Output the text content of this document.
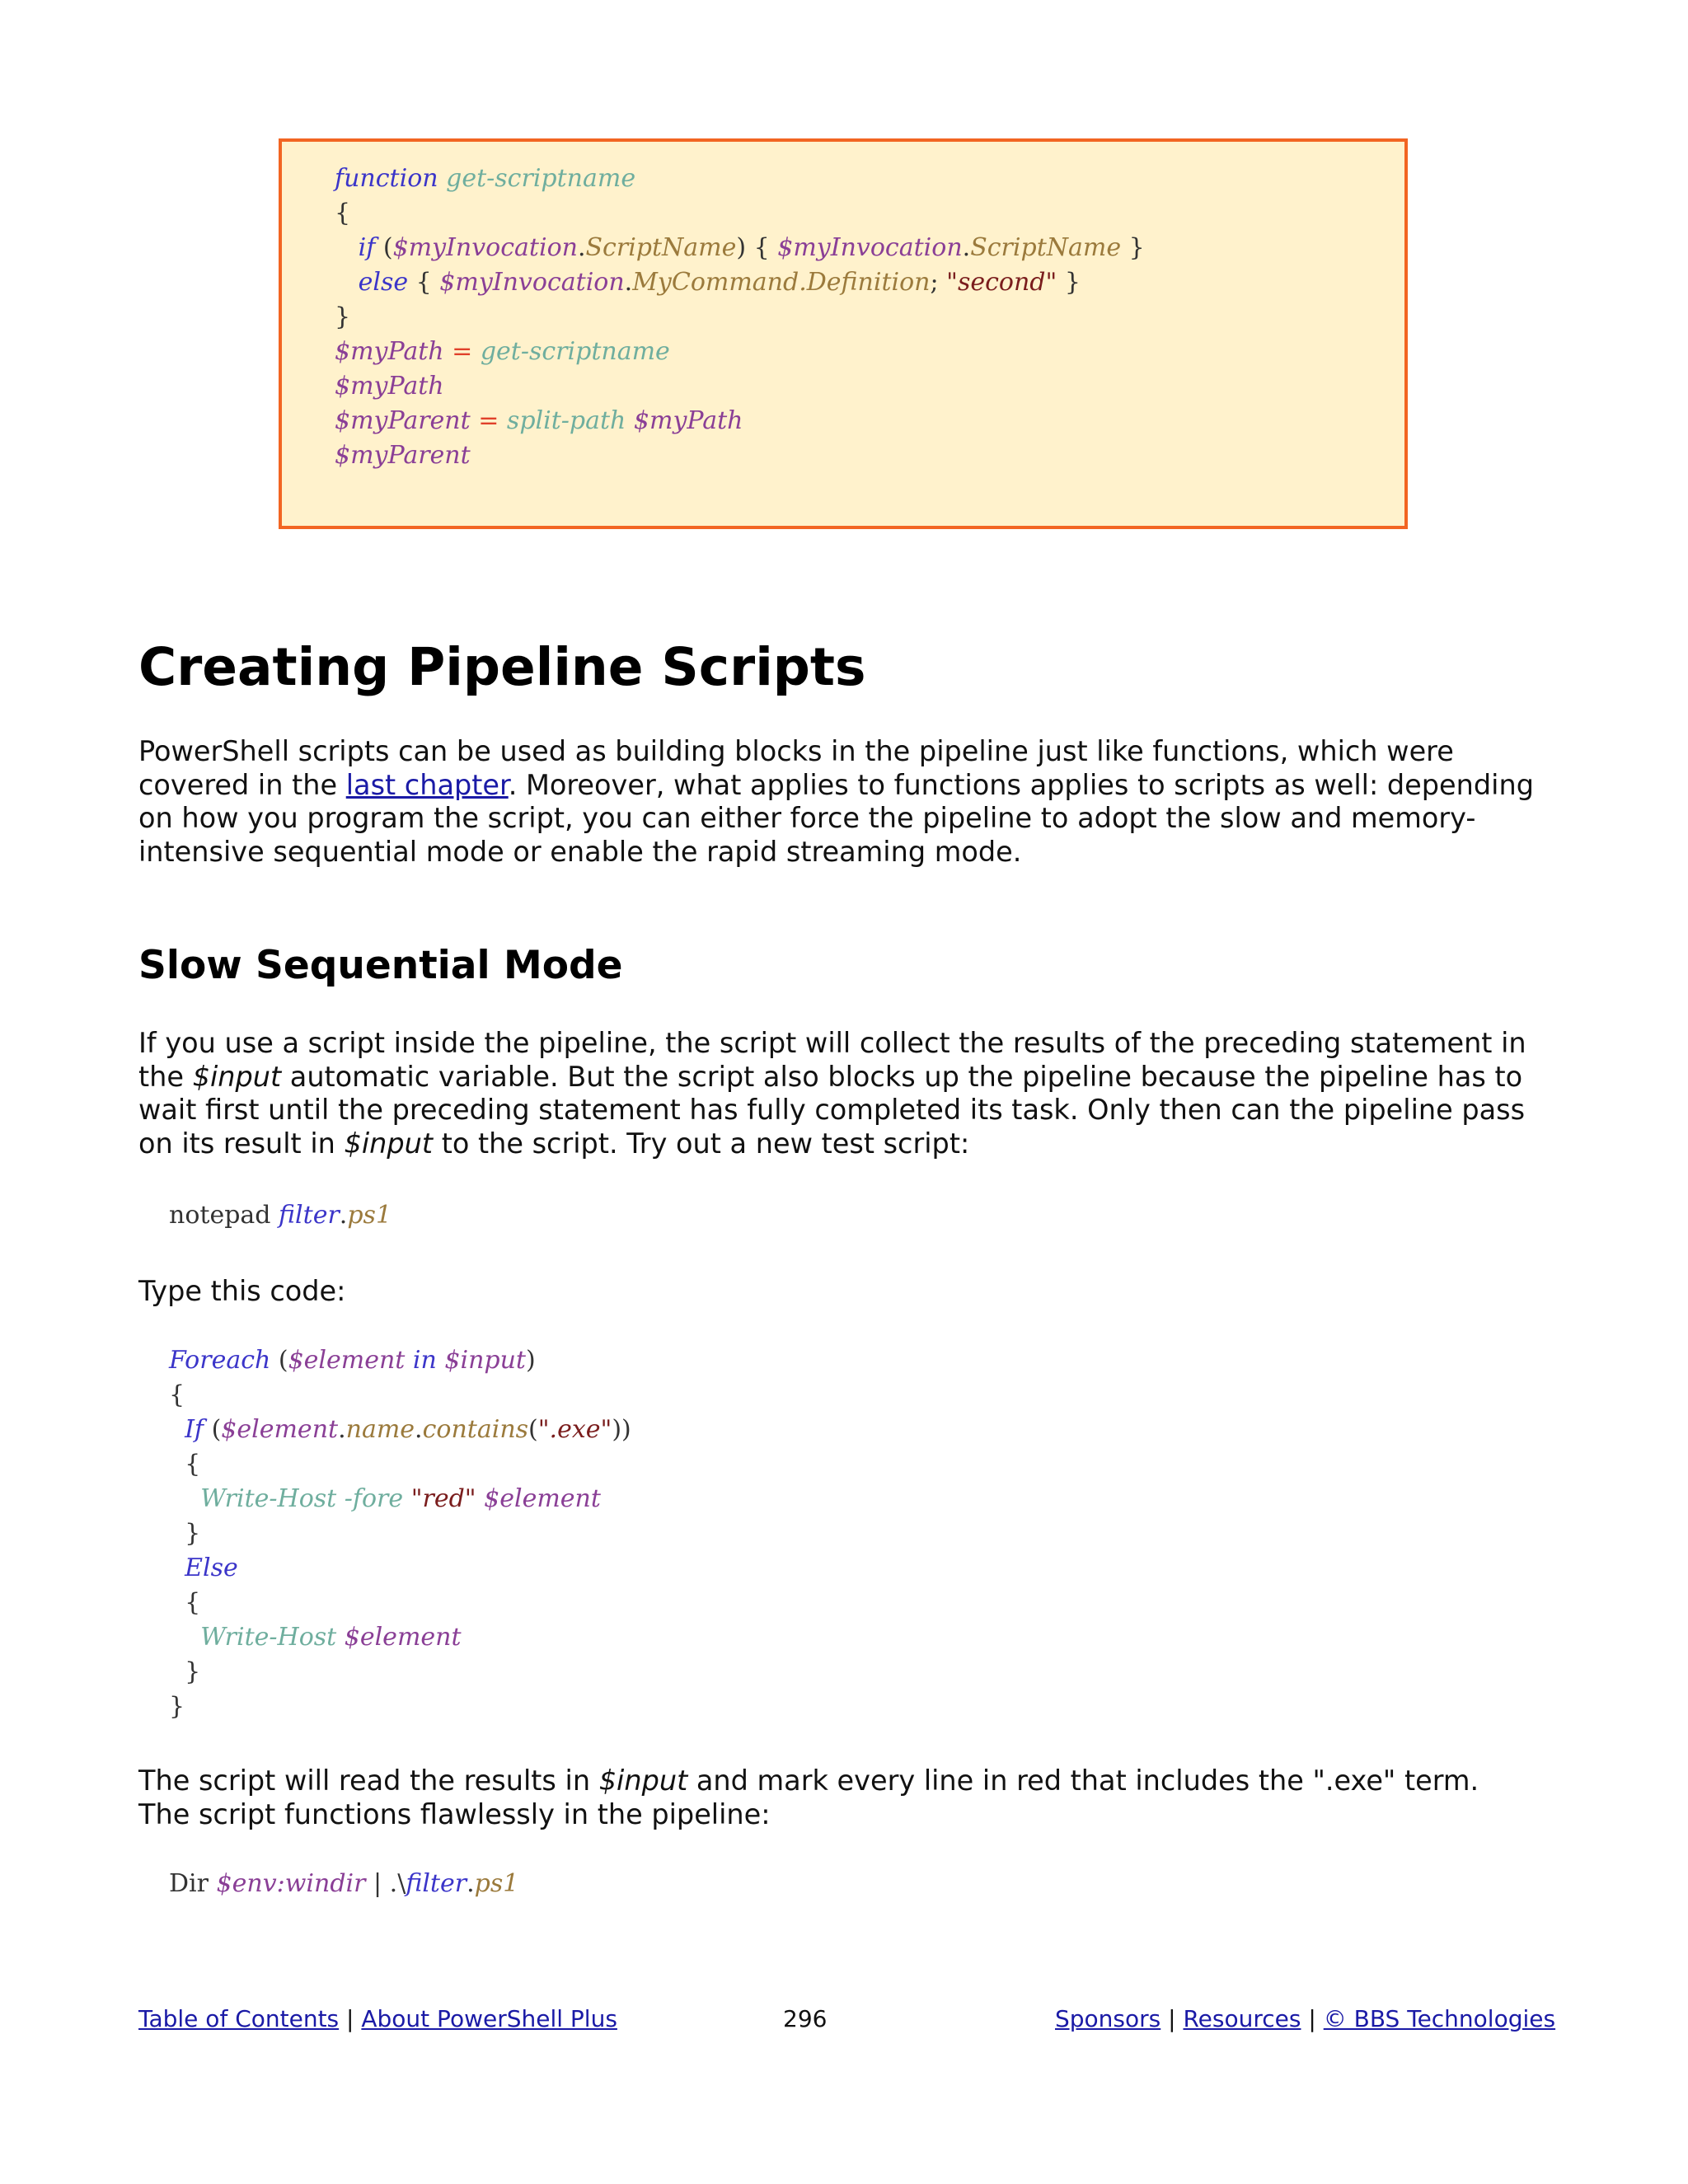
function get-scriptname
{
if ($myInvocation.ScriptName) { $myInvocation.ScriptName }
else { $myInvocation.MyCommand.Definition; "second" }
}
$myPath = get-scriptname
$myPath
$myParent = split-path $myPath
$myParent
Creating Pipeline Scripts

PowerShell scripts can be used as building blocks in the pipeline just like functions, which were
covered in the last chapter. Moreover, what applies to functions applies to scripts as well: depending
on how you program the script, you can either force the pipeline to adopt the slow and memory-
intensive sequential mode or enable the rapid streaming mode.

Slow Sequential Mode

If you use a script inside the pipeline, the script will collect the results of the preceding statement in
the $input automatic variable. But the script also blocks up the pipeline because the pipeline has to
wait first until the preceding statement has fully completed its task. Only then can the pipeline pass
on its result in $input to the script. Try out a new test script:

notepad filter.ps1

Type this code:

Foreach ($element in $input)
{
If ($element.name.contains(".exe"))
{
Write-Host -fore "red" $element
}
Else
{
Write-Host $element
}
}

The script will read the results in $input and mark every line in red that includes the ".exe" term.
The script functions flawlessly in the pipeline:

Dir $env:windir | .\filter.ps1
Table of Contents | About PowerShell Plus	296	Sponsors | Resources | © BBS Technologies
